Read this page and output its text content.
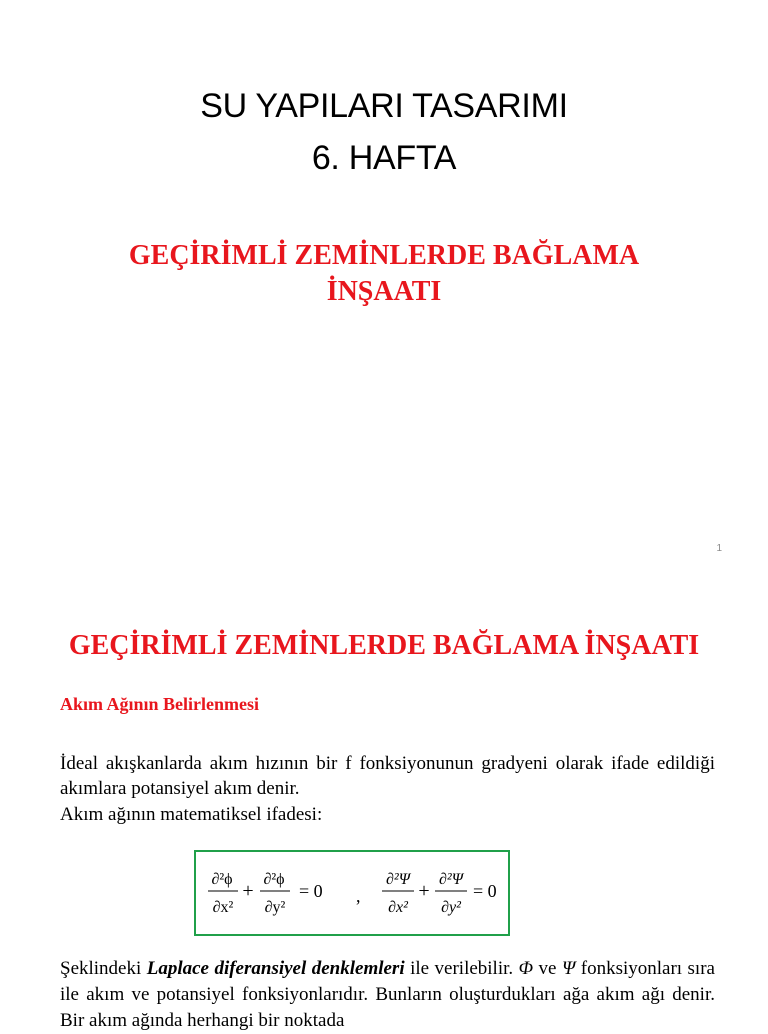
SU YAPILARI TASARIMI
6. HAFTA
GEÇİRİMLİ ZEMİNLERDE BAĞLAMA İNŞAATI
1
GEÇİRİMLİ ZEMİNLERDE BAĞLAMA İNŞAATI
Akım Ağının Belirlenmesi
İdeal akışkanlarda akım hızının bir f fonksiyonunun gradyeni olarak ifade edildiği akımlara potansiyel akım denir.
Akım ağının matematiksel ifadesi:
∂²ϕ
∂x²
+
∂²ϕ
∂y²
= 0 ,
∂²Ψ
∂x²
+
∂²Ψ
∂y²
= 0
Şeklindeki Laplace diferansiyel denklemleri ile verilebilir. Φ ve Ψ fonksiyonları sıra ile akım ve potansiyel fonksiyonlarıdır. Bunların oluşturdukları ağa akım ağı denir. Bir akım ağında herhangi bir noktada
